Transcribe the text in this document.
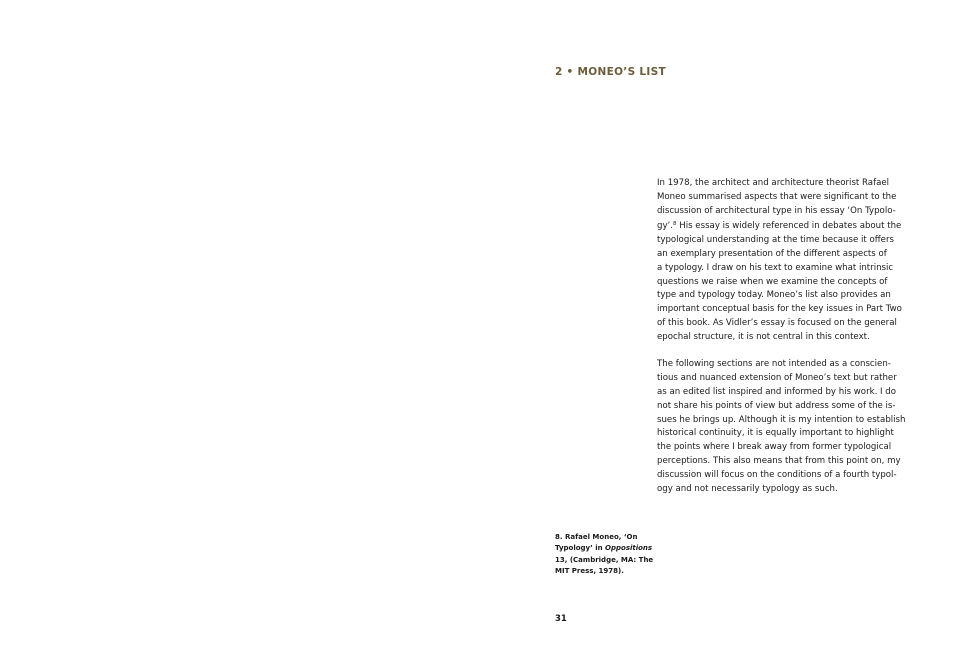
2 • MONEO’S LIST

In 1978, the architect and architecture theorist Rafael
Moneo summarised aspects that were significant to the
discussion of architectural type in his essay ‘On Typolo-
gy’.$^8$ His essay is widely referenced in debates about the
typological understanding at the time because it offers
an exemplary presentation of the different aspects of
a typology. I draw on his text to examine what intrinsic
questions we raise when we examine the concepts of
type and typology today. Moneo’s list also provides an
important conceptual basis for the key issues in Part Two
of this book. As Vidler’s essay is focused on the general
epochal structure, it is not central in this context.

The following sections are not intended as a conscien-
tious and nuanced extension of Moneo’s text but rather
as an edited list inspired and informed by his work. I do
not share his points of view but address some of the is-
sues he brings up. Although it is my intention to establish
historical continuity, it is equally important to highlight
the points where I break away from former typological
perceptions. This also means that from this point on, my
discussion will focus on the conditions of a fourth typol-
ogy and not necessarily typology as such.

8. Rafael Moneo, ‘On
Typology’ in Oppositions
13, (Cambridge, MA: The
MIT Press, 1978).
31
